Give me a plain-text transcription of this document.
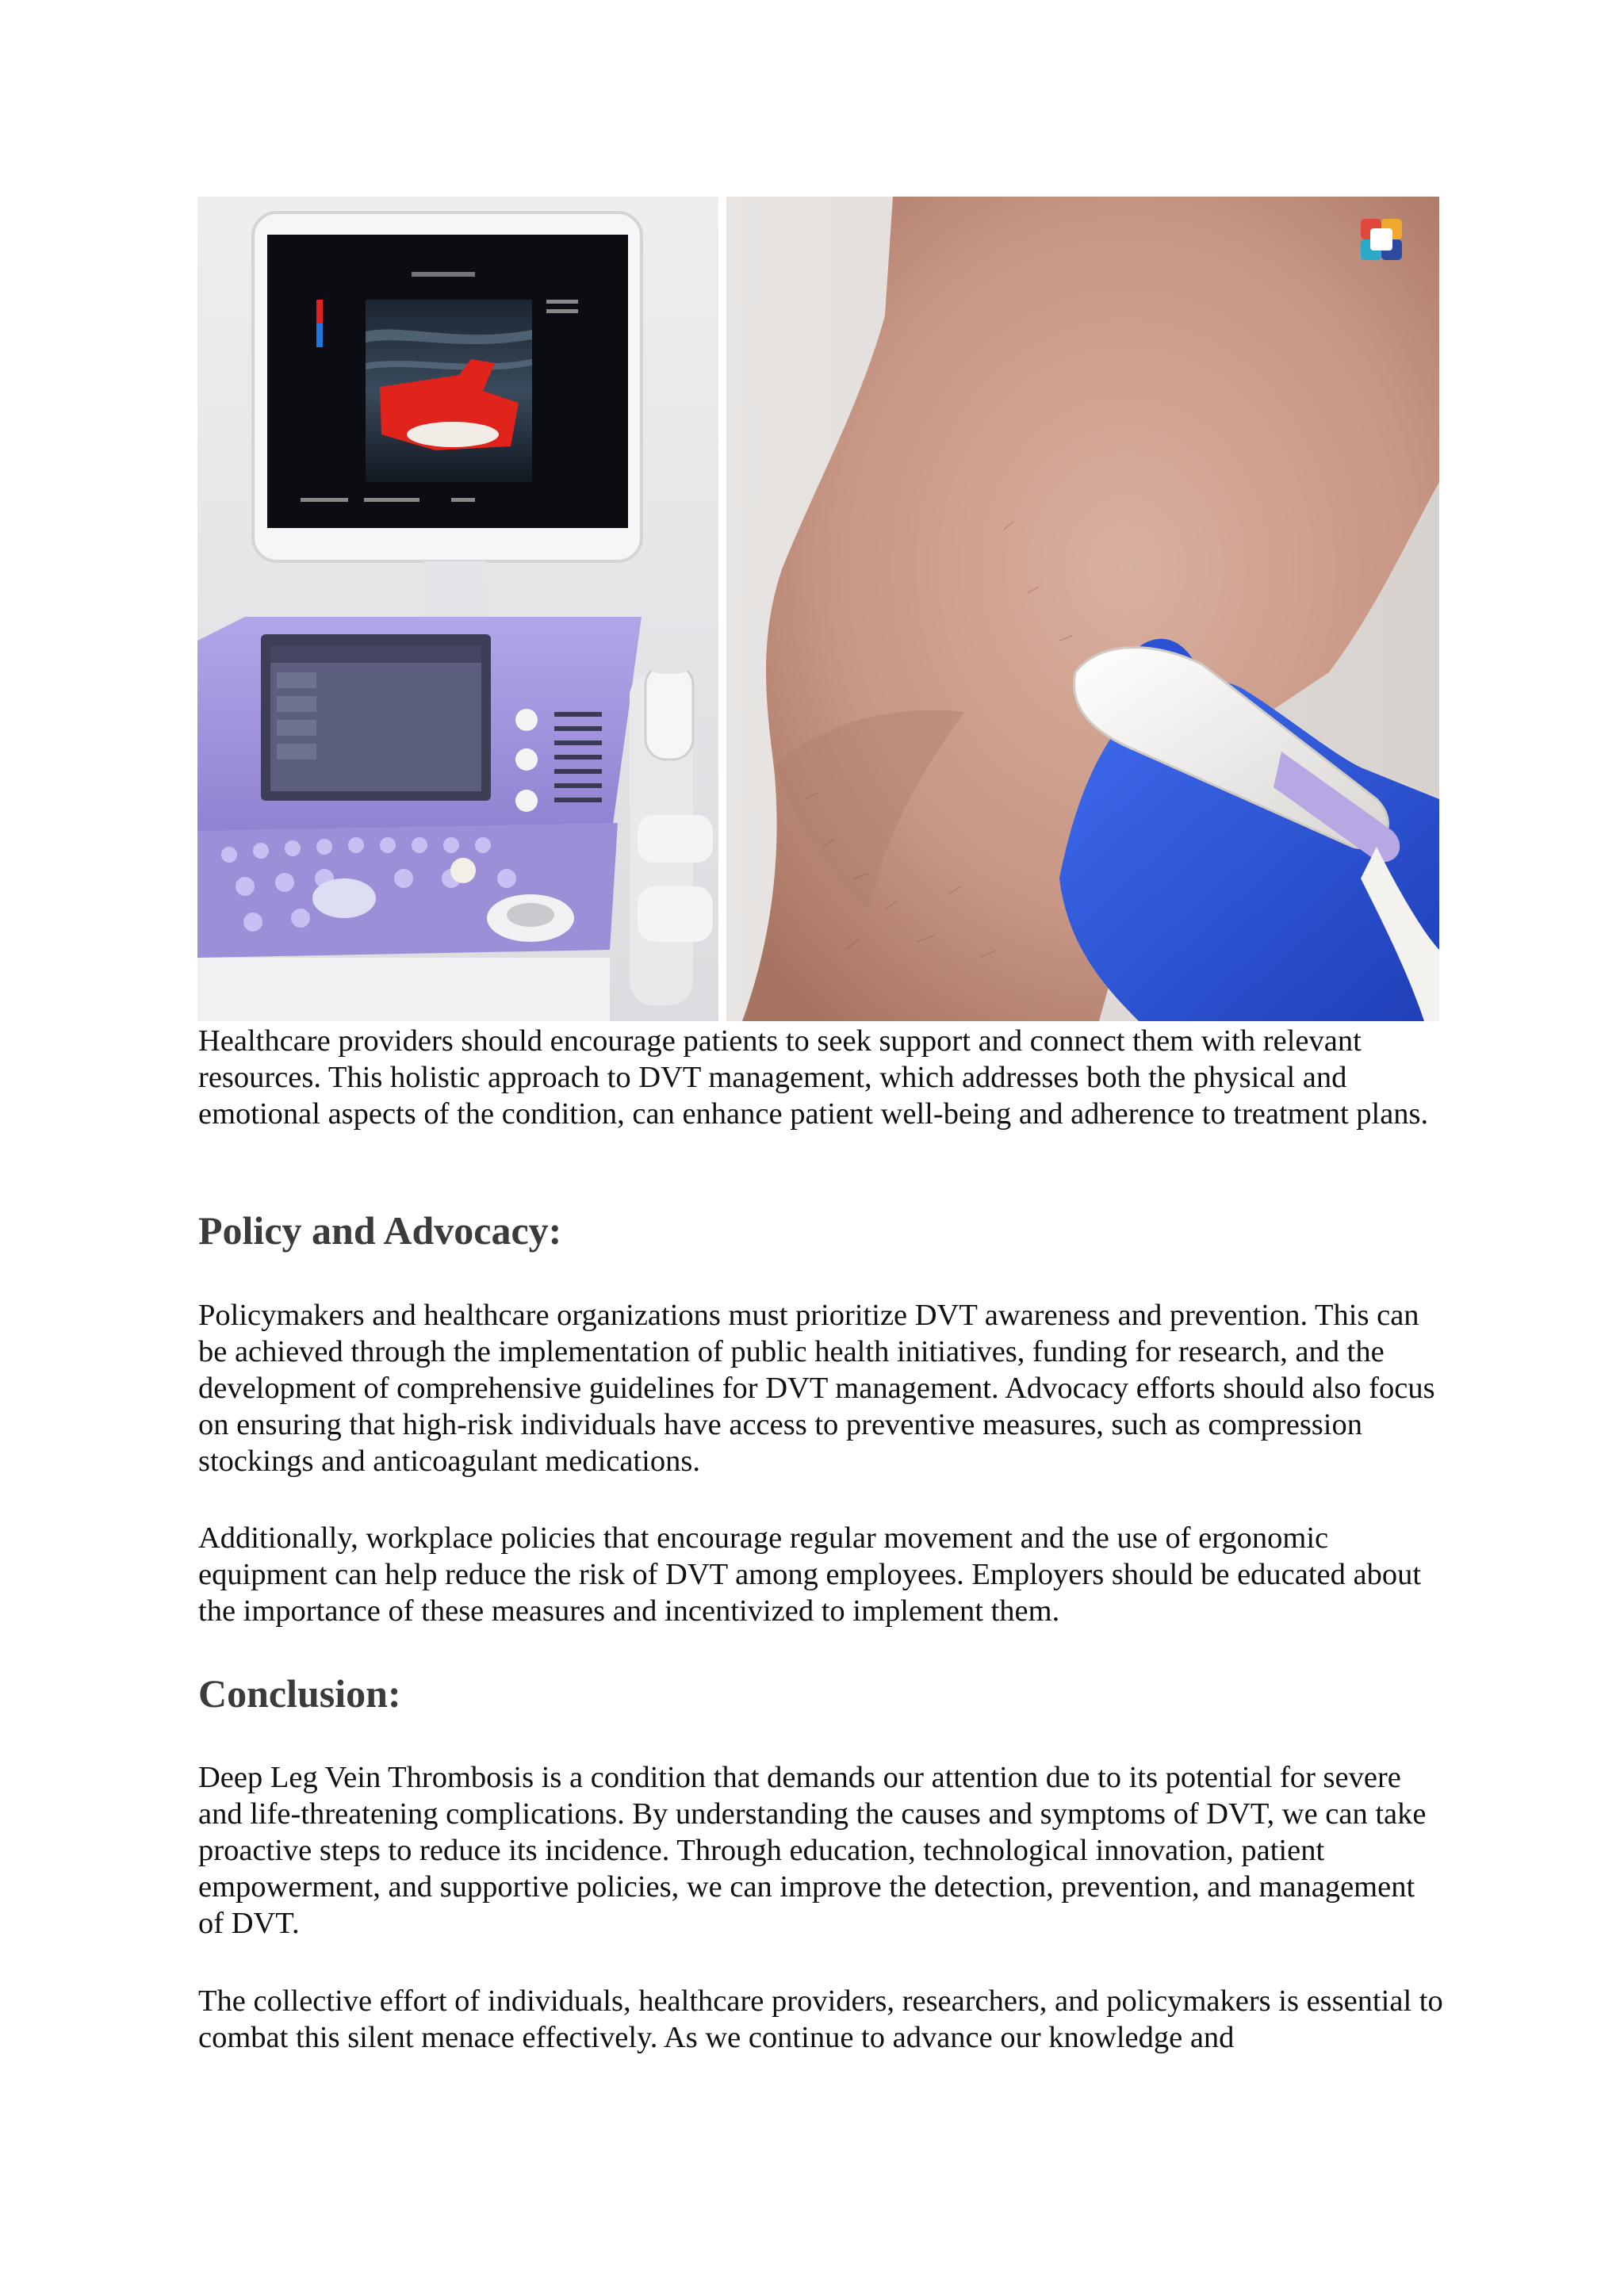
Healthcare providers should encourage patients to seek support and connect them with relevant resources. This holistic approach to DVT management, which addresses both the physical and emotional aspects of the condition, can enhance patient well-being and adherence to treatment plans.

Policy and Advocacy:

Policymakers and healthcare organizations must prioritize DVT awareness and prevention. This can be achieved through the implementation of public health initiatives, funding for research, and the development of comprehensive guidelines for DVT management. Advocacy efforts should also focus on ensuring that high-risk individuals have access to preventive measures, such as compression stockings and anticoagulant medications.

Additionally, workplace policies that encourage regular movement and the use of ergonomic equipment can help reduce the risk of DVT among employees. Employers should be educated about the importance of these measures and incentivized to implement them.

Conclusion:

Deep Leg Vein Thrombosis is a condition that demands our attention due to its potential for severe and life-threatening complications. By understanding the causes and symptoms of DVT, we can take proactive steps to reduce its incidence. Through education, technological innovation, patient empowerment, and supportive policies, we can improve the detection, prevention, and management of DVT.

The collective effort of individuals, healthcare providers, researchers, and policymakers is essential to combat this silent menace effectively. As we continue to advance our knowledge and
